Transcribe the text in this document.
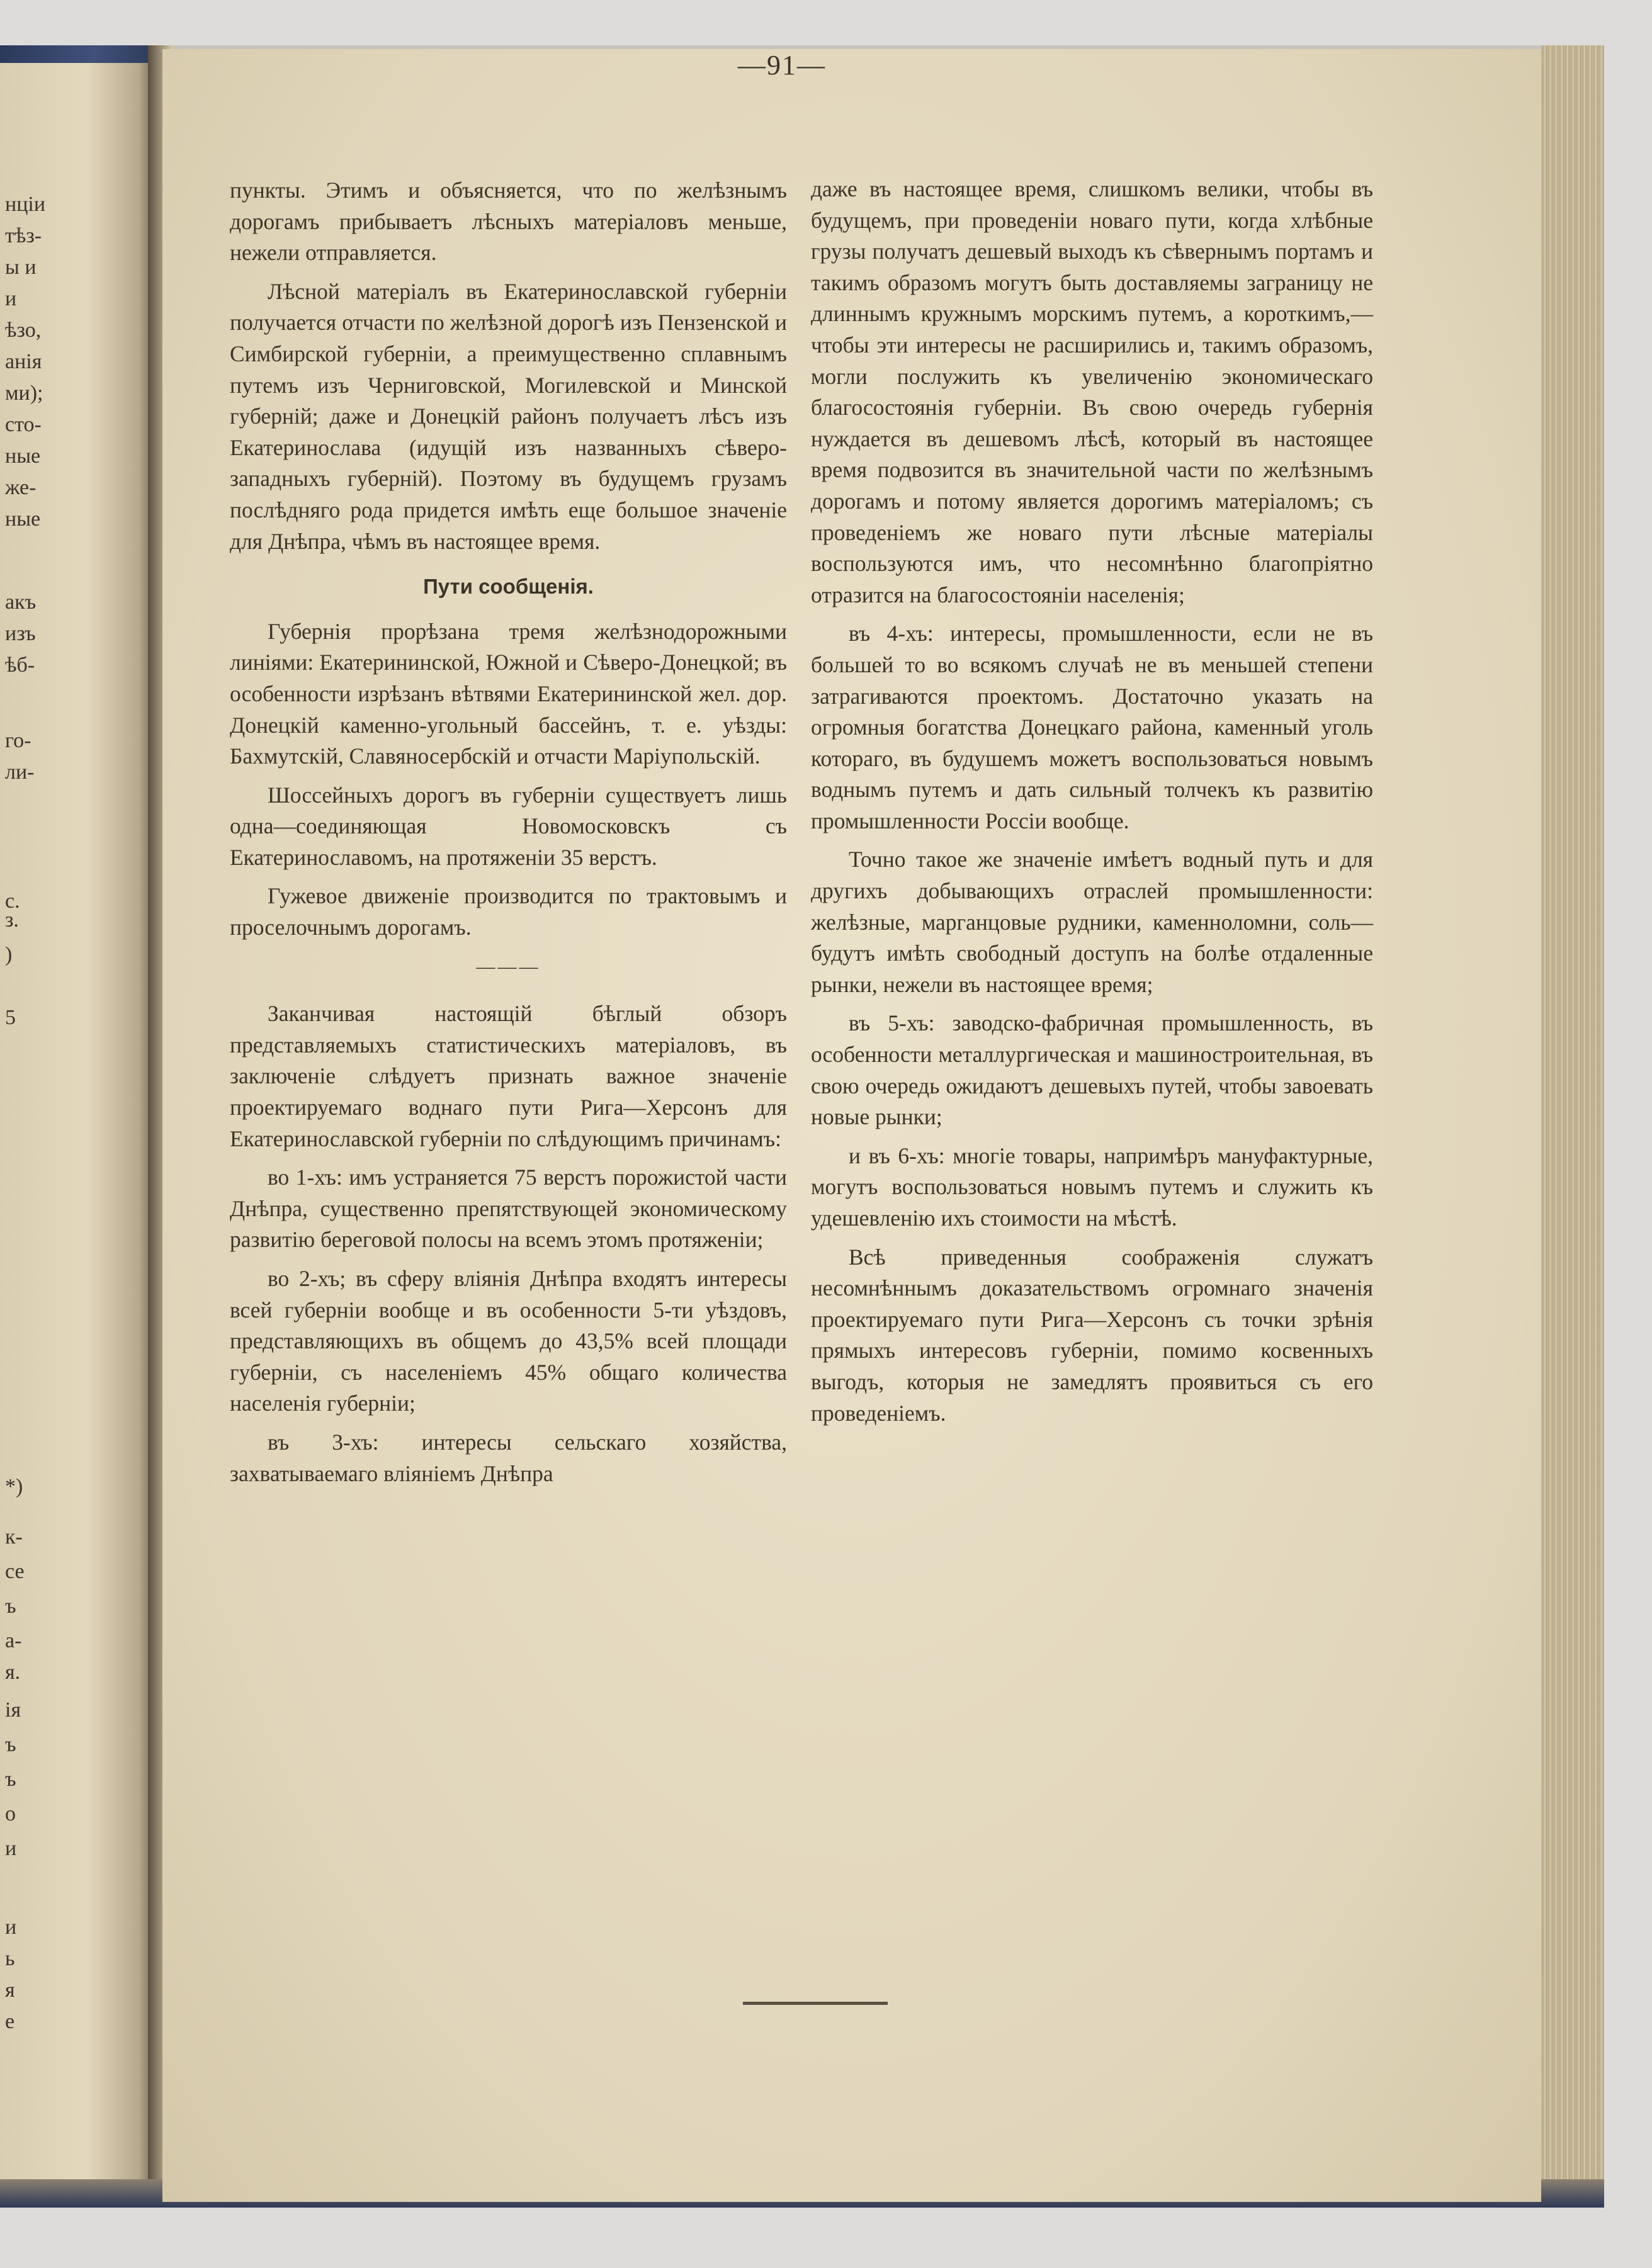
нціи
тѣз-
ы и
и
ѣзо,
анія
ми);
сто-
ные
же-
ные
акъ
изъ
ѣб-
го-
ли-
с.
з.
)
5
*)
к-
се
ъ
а-
я.
ія
ъ
ъ
о
и
и
ь
я
е
—91—

пункты. Этимъ и объясняется, что по желѣзнымъ дорогамъ прибываетъ лѣсныхъ матеріаловъ меньше, нежели отправляется.

Лѣсной матеріалъ въ Екатеринославской губерніи получается отчасти по желѣзной дорогѣ изъ Пензенской и Симбирской губерніи, а преимущественно сплавнымъ путемъ изъ Черниговской, Могилевской и Минской губерній; даже и Донецкій районъ получаетъ лѣсъ изъ Екатеринослава (идущій изъ названныхъ сѣверо-западныхъ губерній). Поэтому въ будущемъ грузамъ послѣдняго рода придется имѣть еще большое значеніе для Днѣпра, чѣмъ въ настоящее время.

Пути сообщенія.

Губернія прорѣзана тремя желѣзнодорожными линіями: Екатерининской, Южной и Сѣверо-Донецкой; въ особенности изрѣзанъ вѣтвями Екатерининской жел. дор. Донецкій каменно-угольный бассейнъ, т. е. уѣзды: Бахмутскій, Славяносербскій и отчасти Маріупольскій.

Шоссейныхъ дорогъ въ губерніи существуетъ лишь одна—соединяющая Новомосковскъ съ Екатеринославомъ, на протяженіи 35 верстъ.

Гужевое движеніе производится по трактовымъ и проселочнымъ дорогамъ.

———

Заканчивая настоящій бѣглый обзоръ представляемыхъ статистическихъ матеріаловъ, въ заключеніе слѣдуетъ признать важное значеніе проектируемаго воднаго пути Рига—Херсонъ для Екатеринославской губерніи по слѣдующимъ причинамъ:

во 1-хъ: имъ устраняется 75 верстъ порожистой части Днѣпра, существенно препятствующей экономическому развитію береговой полосы на всемъ этомъ протяженіи;

во 2-хъ; въ сферу вліянія Днѣпра входятъ интересы всей губерніи вообще и въ особенности 5-ти уѣздовъ, представляющихъ въ общемъ до 43,5% всей площади губерніи, съ населеніемъ 45% общаго количества населенія губерніи;

въ 3-хъ: интересы сельскаго хозяйства, захватываемаго вліяніемъ Днѣпра

даже въ настоящее время, слишкомъ велики, чтобы въ будущемъ, при проведеніи новаго пути, когда хлѣбные грузы получатъ дешевый выходъ къ сѣвернымъ портамъ и такимъ образомъ могутъ быть доставляемы заграницу не длиннымъ кружнымъ морскимъ путемъ, а короткимъ,—чтобы эти интересы не расширились и, такимъ образомъ, могли послужить къ увеличенію экономическаго благосостоянія губерніи. Въ свою очередь губернія нуждается въ дешевомъ лѣсѣ, который въ настоящее время подвозится въ значительной части по желѣзнымъ дорогамъ и потому является дорогимъ матеріаломъ; съ проведеніемъ же новаго пути лѣсные матеріалы воспользуются имъ, что несомнѣнно благопріятно отразится на благосостояніи населенія;

въ 4-хъ: интересы, промышленности, если не въ большей то во всякомъ случаѣ не въ меньшей степени затрагиваются проектомъ. Достаточно указать на огромныя богатства Донецкаго района, каменный уголь котораго, въ будушемъ можетъ воспользоваться новымъ воднымъ путемъ и дать сильный толчекъ къ развитію промышленности Россіи вообще.

Точно такое же значеніе имѣетъ водный путь и для другихъ добывающихъ отраслей промышленности: желѣзные, марганцовые рудники, каменноломни, соль—будутъ имѣть свободный доступъ на болѣе отдаленные рынки, нежели въ настоящее время;

въ 5-хъ: заводско-фабричная промышленность, въ особенности металлургическая и машиностроительная, въ свою очередь ожидаютъ дешевыхъ путей, чтобы завоевать новые рынки;

и въ 6-хъ: многіе товары, напримѣръ мануфактурные, могутъ воспользоваться новымъ путемъ и служить къ удешевленію ихъ стоимости на мѣстѣ.

Всѣ приведенныя соображенія служатъ несомнѣннымъ доказательствомъ огромнаго значенія проектируемаго пути Рига—Херсонъ съ точки зрѣнія прямыхъ интересовъ губерніи, помимо косвенныхъ выгодъ, которыя не замедлятъ проявиться съ его проведеніемъ.
